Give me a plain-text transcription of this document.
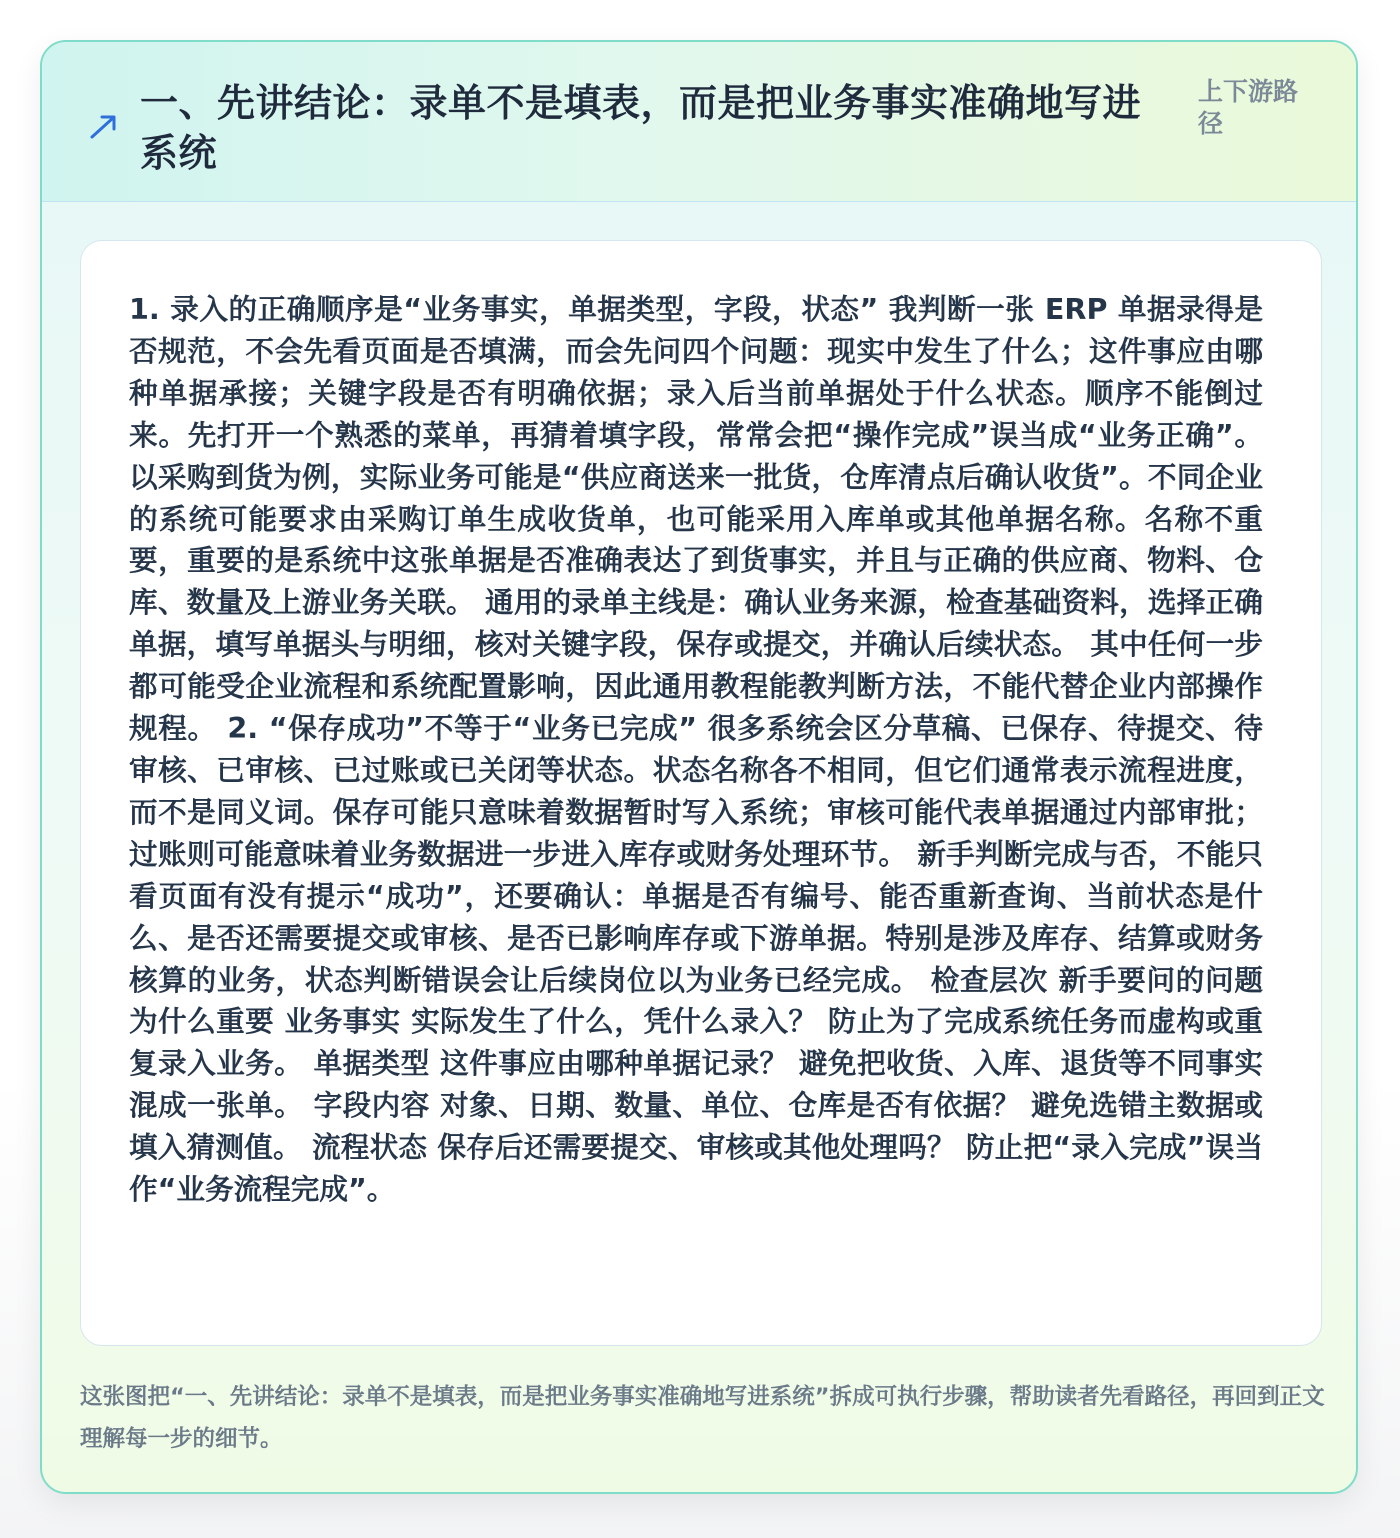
一、先讲结论：录单不是填表，而是把业务事实准确地写进系统
上下游路径

1. 录入的正确顺序是“业务事实，单据类型，字段，状态” 我判断一张 ERP 单据录得是否规范，不会先看页面是否填满，而会先问四个问题：现实中发生了什么；这件事应由哪种单据承接；关键字段是否有明确依据；录入后当前单据处于什么状态。顺序不能倒过来。先打开一个熟悉的菜单，再猜着填字段，常常会把“操作完成”误当成“业务正确”。 以采购到货为例，实际业务可能是“供应商送来一批货，仓库清点后确认收货”。不同企业的系统可能要求由采购订单生成收货单，也可能采用入库单或其他单据名称。名称不重要，重要的是系统中这张单据是否准确表达了到货事实，并且与正确的供应商、物料、仓库、数量及上游业务关联。 通用的录单主线是：确认业务来源，检查基础资料，选择正确单据，填写单据头与明细，核对关键字段，保存或提交，并确认后续状态。 其中任何一步都可能受企业流程和系统配置影响，因此通用教程能教判断方法，不能代替企业内部操作规程。 2. “保存成功”不等于“业务已完成” 很多系统会区分草稿、已保存、待提交、待审核、已审核、已过账或已关闭等状态。状态名称各不相同，但它们通常表示流程进度，而不是同义词。保存可能只意味着数据暂时写入系统；审核可能代表单据通过内部审批；过账则可能意味着业务数据进一步进入库存或财务处理环节。 新手判断完成与否，不能只看页面有没有提示“成功”，还要确认：单据是否有编号、能否重新查询、当前状态是什么、是否还需要提交或审核、是否已影响库存或下游单据。特别是涉及库存、结算或财务核算的业务，状态判断错误会让后续岗位以为业务已经完成。 检查层次 新手要问的问题 为什么重要 业务事实 实际发生了什么，凭什么录入？ 防止为了完成系统任务而虚构或重复录入业务。 单据类型 这件事应由哪种单据记录？ 避免把收货、入库、退货等不同事实混成一张单。 字段内容 对象、日期、数量、单位、仓库是否有依据？ 避免选错主数据或填入猜测值。 流程状态 保存后还需要提交、审核或其他处理吗？ 防止把“录入完成”误当作“业务流程完成”。

这张图把“一、先讲结论：录单不是填表，而是把业务事实准确地写进系统”拆成可执行步骤，帮助读者先看路径，再回到正文理解每一步的细节。
